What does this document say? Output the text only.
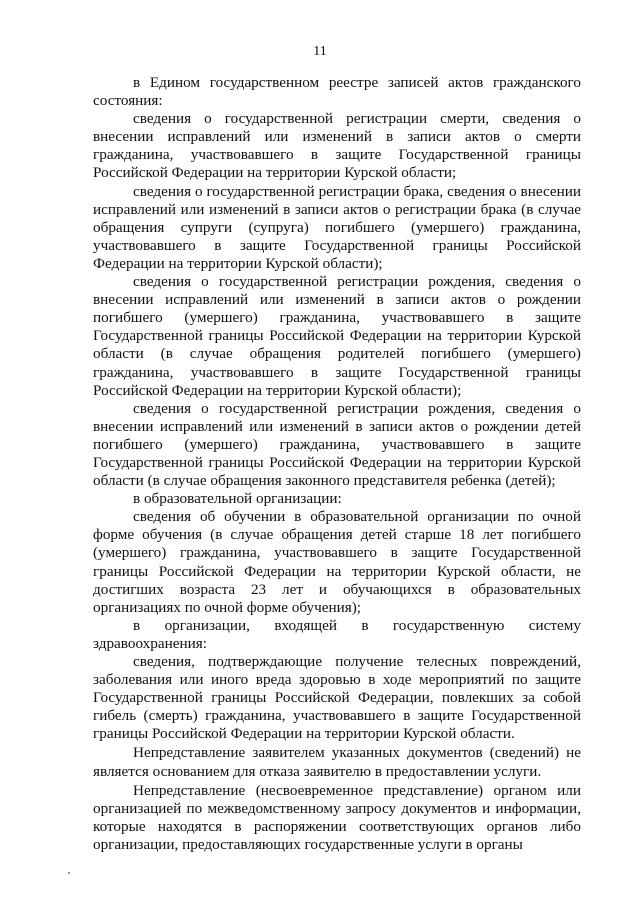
11

в Едином государственном реестре записей актов гражданского состояния:

сведения о государственной регистрации смерти, сведения о внесении исправлений или изменений в записи актов о смерти гражданина, участвовавшего в защите Государственной границы Российской Федерации на территории Курской области;

сведения о государственной регистрации брака, сведения о внесении исправлений или изменений в записи актов о регистрации брака (в случае обращения супруги (супруга) погибшего (умершего) гражданина, участвовавшего в защите Государственной границы Российской Федерации на территории Курской области);

сведения о государственной регистрации рождения, сведения о внесении исправлений или изменений в записи актов о рождении погибшего (умершего) гражданина, участвовавшего в защите Государственной границы Российской Федерации на территории Курской области (в случае обращения родителей погибшего (умершего) гражданина, участвовавшего в защите Государственной границы Российской Федерации на территории Курской области);

сведения о государственной регистрации рождения, сведения о внесении исправлений или изменений в записи актов о рождении детей погибшего (умершего) гражданина, участвовавшего в защите Государственной границы Российской Федерации на территории Курской области (в случае обращения законного представителя ребенка (детей);

в образовательной организации:

сведения об обучении в образовательной организации по очной форме обучения (в случае обращения детей старше 18 лет погибшего (умершего) гражданина, участвовавшего в защите Государственной границы Российской Федерации на территории Курской области, не достигших возраста 23 лет и обучающихся в образовательных организациях по очной форме обучения);

в организации, входящей в государственную систему здравоохранения:

сведения, подтверждающие получение телесных повреждений, заболевания или иного вреда здоровью в ходе мероприятий по защите Государственной границы Российской Федерации, повлекших за собой гибель (смерть) гражданина, участвовавшего в защите Государственной границы Российской Федерации на территории Курской области.

Непредставление заявителем указанных документов (сведений) не является основанием для отказа заявителю в предоставлении услуги.

Непредставление (несвоевременное представление) органом или организацией по межведомственному запросу документов и информации, которые находятся в распоряжении соответствующих органов либо организации, предоставляющих государственные услуги в органы
